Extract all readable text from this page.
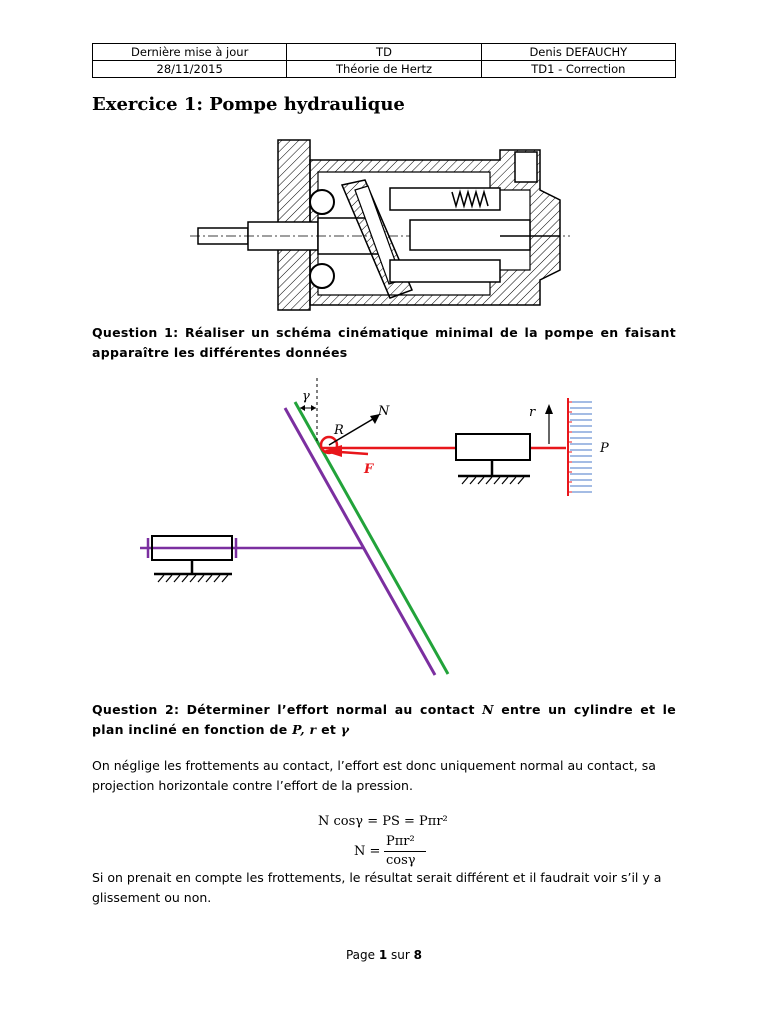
Dernière mise à jour	TD	Denis DEFAUCHY
28/11/2015	Théorie de Hertz	TD1 - Correction
Exercice 1: Pompe hydraulique
Question 1: Réaliser un schéma cinématique minimal de la pompe en faisant apparaître les différentes données
γ
F
N
R
r
P
Question 2: Déterminer l’effort normal au contact N entre un cylindre et le plan incliné en fonction de P, r et γ
On néglige les frottements au contact, l’effort est donc uniquement normal au contact, sa projection horizontale contre l’effort de la pression.
N cosγ = PS = Pπr²
N =
Pπr²
cosγ
Si on prenait en compte les frottements, le résultat serait différent et il faudrait voir s’il y a glissement ou non.
Page 1 sur 8
